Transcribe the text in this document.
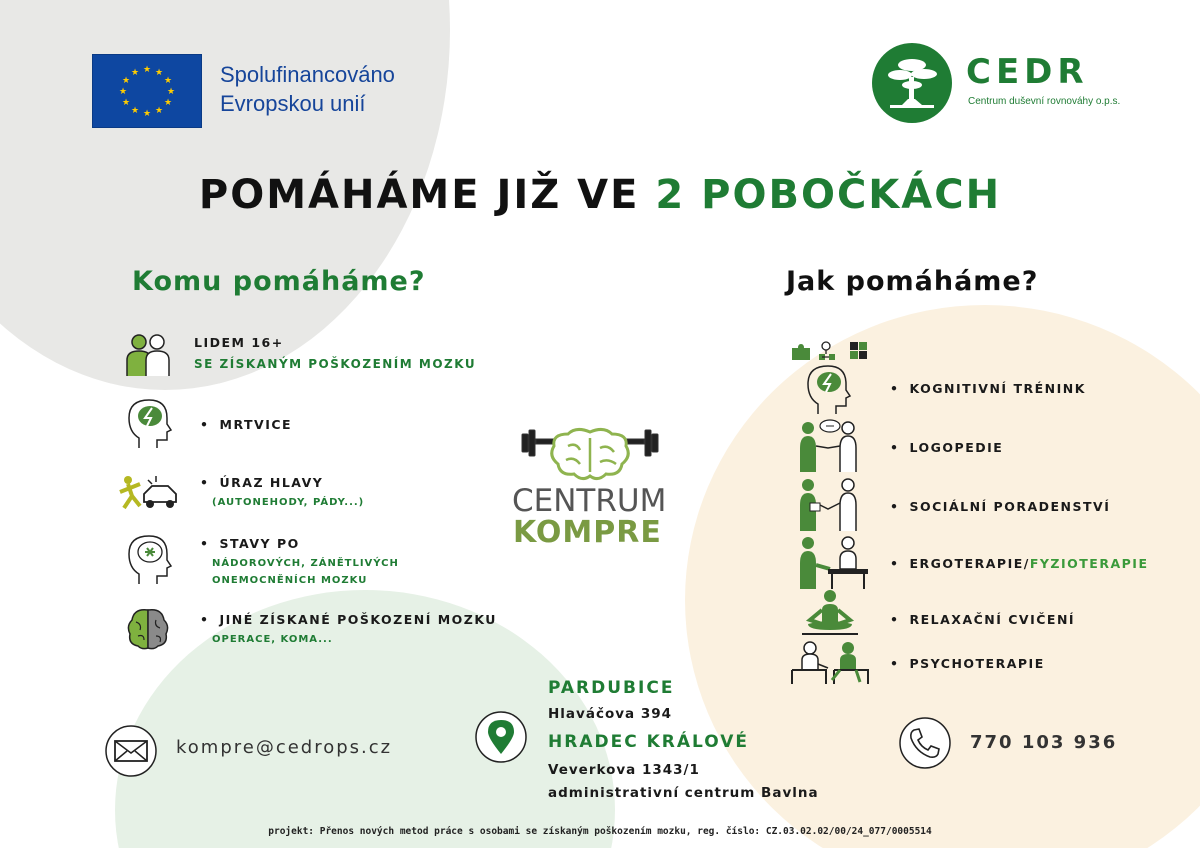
★ ★
★
★
★
★
★
★
★
★
★
★	Spolufinancováno
Evropskou unií
CEDR
Centrum duševní rovnováhy o.p.s.
POMÁHÁME JIŽ VE 2 POBOČKÁCH
Komu pomáháme?	Jak pomáháme?
LIDEM 16+
SE ZÍSKANÝM POŠKOZENÍM MOZKU
• MRTVICE
• ÚRAZ HLAVY
(AUTONEHODY, PÁDY...)
• STAVY PO
NÁDOROVÝCH, ZÁNĚTLIVÝCH
ONEMOCNĚNÍCH MOZKU
• JINÉ ZÍSKANÉ POŠKOZENÍ MOZKU
OPERACE, KOMA...
CENTRUM
KOMPRE
• KOGNITIVNÍ TRÉNINK
• LOGOPEDIE
• SOCIÁLNÍ PORADENSTVÍ
• ERGOTERAPIE/FYZIOTERAPIE
• RELAXAČNÍ CVIČENÍ
• PSYCHOTERAPIE
kompre@cedrops.cz
PARDUBICE
Hlaváčova 394
HRADEC KRÁLOVÉ
Veverkova 1343/1
administrativní centrum Bavlna
770 103 936
projekt: Přenos nových metod práce s osobami se získaným poškozením mozku, reg. číslo: CZ.03.02.02/00/24_077/0005514
